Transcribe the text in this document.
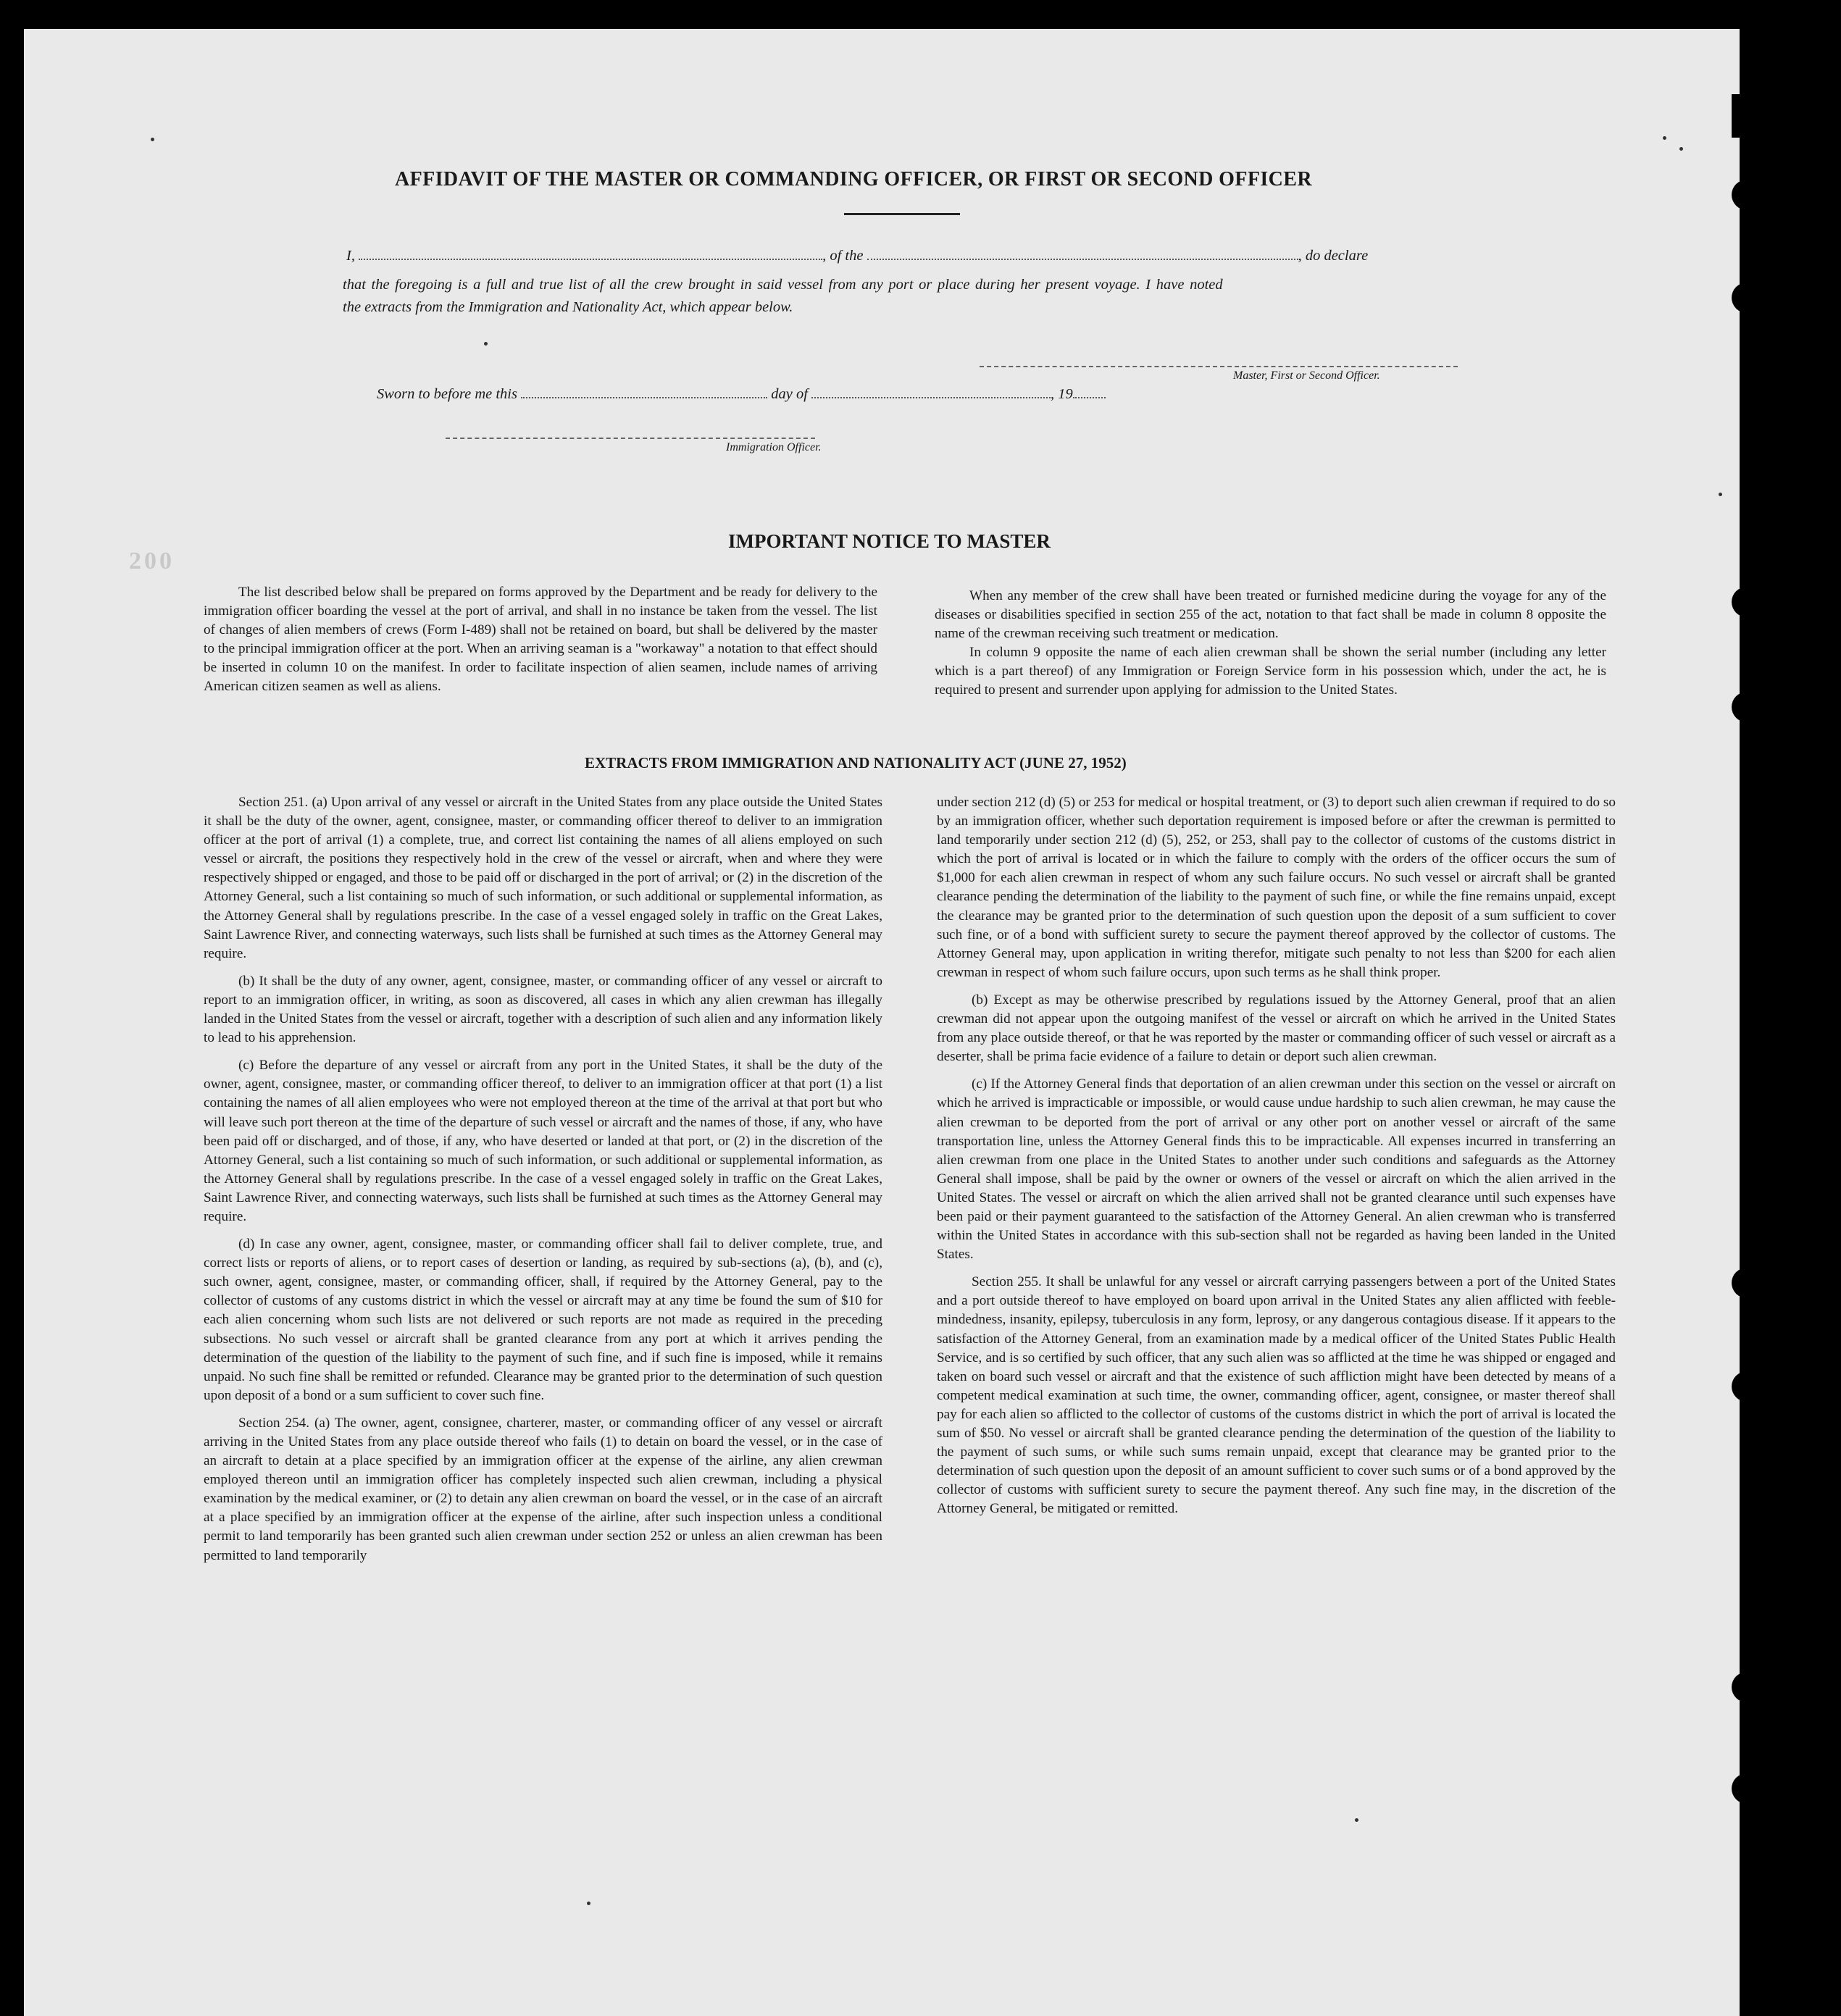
200
AFFIDAVIT OF THE MASTER OR COMMANDING OFFICER, OR FIRST OR SECOND OFFICER
I,	, of the	, do declare
that the foregoing is a full and true list of all the crew brought in said vessel from any port or place during her present voyage. I have noted
the extracts from the Immigration and Nationality Act, which appear below.
Master, First or Second Officer.
Sworn to before me this	day of	, 19
Immigration Officer.
IMPORTANT NOTICE TO MASTER

The list described below shall be prepared on forms approved by the Department and be ready for delivery to the immigration officer boarding the vessel at the port of arrival, and shall in no instance be taken from the vessel. The list of changes of alien members of crews (Form I-489) shall not be retained on board, but shall be delivered by the master to the principal immigration officer at the port. When an arriving seaman is a "workaway" a notation to that effect should be inserted in column 10 on the manifest. In order to facilitate inspection of alien seamen, include names of arriving American citizen seamen as well as aliens.

When any member of the crew shall have been treated or furnished medicine during the voyage for any of the diseases or disabilities specified in section 255 of the act, notation to that fact shall be made in column 8 opposite the name of the crewman receiving such treatment or medication.

In column 9 opposite the name of each alien crewman shall be shown the serial number (including any letter which is a part thereof) of any Immigration or Foreign Service form in his possession which, under the act, he is required to present and surrender upon applying for admission to the United States.

EXTRACTS FROM IMMIGRATION AND NATIONALITY ACT (JUNE 27, 1952)

Section 251. (a) Upon arrival of any vessel or aircraft in the United States from any place outside the United States it shall be the duty of the owner, agent, consignee, master, or commanding officer thereof to deliver to an immigration officer at the port of arrival (1) a complete, true, and correct list containing the names of all aliens employed on such vessel or aircraft, the positions they respectively hold in the crew of the vessel or aircraft, when and where they were respectively shipped or engaged, and those to be paid off or discharged in the port of arrival; or (2) in the discretion of the Attorney General, such a list containing so much of such information, or such additional or supplemental information, as the Attorney General shall by regulations prescribe. In the case of a vessel engaged solely in traffic on the Great Lakes, Saint Lawrence River, and connecting waterways, such lists shall be furnished at such times as the Attorney General may require.

(b) It shall be the duty of any owner, agent, consignee, master, or commanding officer of any vessel or aircraft to report to an immigration officer, in writing, as soon as discovered, all cases in which any alien crewman has illegally landed in the United States from the vessel or aircraft, together with a description of such alien and any information likely to lead to his apprehension.

(c) Before the departure of any vessel or aircraft from any port in the United States, it shall be the duty of the owner, agent, consignee, master, or commanding officer thereof, to deliver to an immigration officer at that port (1) a list containing the names of all alien employees who were not employed thereon at the time of the arrival at that port but who will leave such port thereon at the time of the departure of such vessel or aircraft and the names of those, if any, who have been paid off or discharged, and of those, if any, who have deserted or landed at that port, or (2) in the discretion of the Attorney General, such a list containing so much of such information, or such additional or supplemental information, as the Attorney General shall by regulations prescribe. In the case of a vessel engaged solely in traffic on the Great Lakes, Saint Lawrence River, and connecting waterways, such lists shall be furnished at such times as the Attorney General may require.

(d) In case any owner, agent, consignee, master, or commanding officer shall fail to deliver complete, true, and correct lists or reports of aliens, or to report cases of desertion or landing, as required by sub-sections (a), (b), and (c), such owner, agent, consignee, master, or commanding officer, shall, if required by the Attorney General, pay to the collector of customs of any customs district in which the vessel or aircraft may at any time be found the sum of $10 for each alien concerning whom such lists are not delivered or such reports are not made as required in the preceding subsections. No such vessel or aircraft shall be granted clearance from any port at which it arrives pending the determination of the question of the liability to the payment of such fine, and if such fine is imposed, while it remains unpaid. No such fine shall be remitted or refunded. Clearance may be granted prior to the determination of such question upon deposit of a bond or a sum sufficient to cover such fine.

Section 254. (a) The owner, agent, consignee, charterer, master, or commanding officer of any vessel or aircraft arriving in the United States from any place outside thereof who fails (1) to detain on board the vessel, or in the case of an aircraft to detain at a place specified by an immigration officer at the expense of the airline, any alien crewman employed thereon until an immigration officer has completely inspected such alien crewman, including a physical examination by the medical examiner, or (2) to detain any alien crewman on board the vessel, or in the case of an aircraft at a place specified by an immigration officer at the expense of the airline, after such inspection unless a conditional permit to land temporarily has been granted such alien crewman under section 252 or unless an alien crewman has been permitted to land temporarily

under section 212 (d) (5) or 253 for medical or hospital treatment, or (3) to deport such alien crewman if required to do so by an immigration officer, whether such deportation requirement is imposed before or after the crewman is permitted to land temporarily under section 212 (d) (5), 252, or 253, shall pay to the collector of customs of the customs district in which the port of arrival is located or in which the failure to comply with the orders of the officer occurs the sum of $1,000 for each alien crewman in respect of whom any such failure occurs. No such vessel or aircraft shall be granted clearance pending the determination of the liability to the payment of such fine, or while the fine remains unpaid, except the clearance may be granted prior to the determination of such question upon the deposit of a sum sufficient to cover such fine, or of a bond with sufficient surety to secure the payment thereof approved by the collector of customs. The Attorney General may, upon application in writing therefor, mitigate such penalty to not less than $200 for each alien crewman in respect of whom such failure occurs, upon such terms as he shall think proper.

(b) Except as may be otherwise prescribed by regulations issued by the Attorney General, proof that an alien crewman did not appear upon the outgoing manifest of the vessel or aircraft on which he arrived in the United States from any place outside thereof, or that he was reported by the master or commanding officer of such vessel or aircraft as a deserter, shall be prima facie evidence of a failure to detain or deport such alien crewman.

(c) If the Attorney General finds that deportation of an alien crewman under this section on the vessel or aircraft on which he arrived is impracticable or impossible, or would cause undue hardship to such alien crewman, he may cause the alien crewman to be deported from the port of arrival or any other port on another vessel or aircraft of the same transportation line, unless the Attorney General finds this to be impracticable. All expenses incurred in transferring an alien crewman from one place in the United States to another under such conditions and safeguards as the Attorney General shall impose, shall be paid by the owner or owners of the vessel or aircraft on which the alien arrived in the United States. The vessel or aircraft on which the alien arrived shall not be granted clearance until such expenses have been paid or their payment guaranteed to the satisfaction of the Attorney General. An alien crewman who is transferred within the United States in accordance with this sub-section shall not be regarded as having been landed in the United States.

Section 255. It shall be unlawful for any vessel or aircraft carrying passengers between a port of the United States and a port outside thereof to have employed on board upon arrival in the United States any alien afflicted with feeble-mindedness, insanity, epilepsy, tuberculosis in any form, leprosy, or any dangerous contagious disease. If it appears to the satisfaction of the Attorney General, from an examination made by a medical officer of the United States Public Health Service, and is so certified by such officer, that any such alien was so afflicted at the time he was shipped or engaged and taken on board such vessel or aircraft and that the existence of such affliction might have been detected by means of a competent medical examination at such time, the owner, commanding officer, agent, consignee, or master thereof shall pay for each alien so afflicted to the collector of customs of the customs district in which the port of arrival is located the sum of $50. No vessel or aircraft shall be granted clearance pending the determination of the question of the liability to the payment of such sums, or while such sums remain unpaid, except that clearance may be granted prior to the determination of such question upon the deposit of an amount sufficient to cover such sums or of a bond approved by the collector of customs with sufficient surety to secure the payment thereof. Any such fine may, in the discretion of the Attorney General, be mitigated or remitted.
